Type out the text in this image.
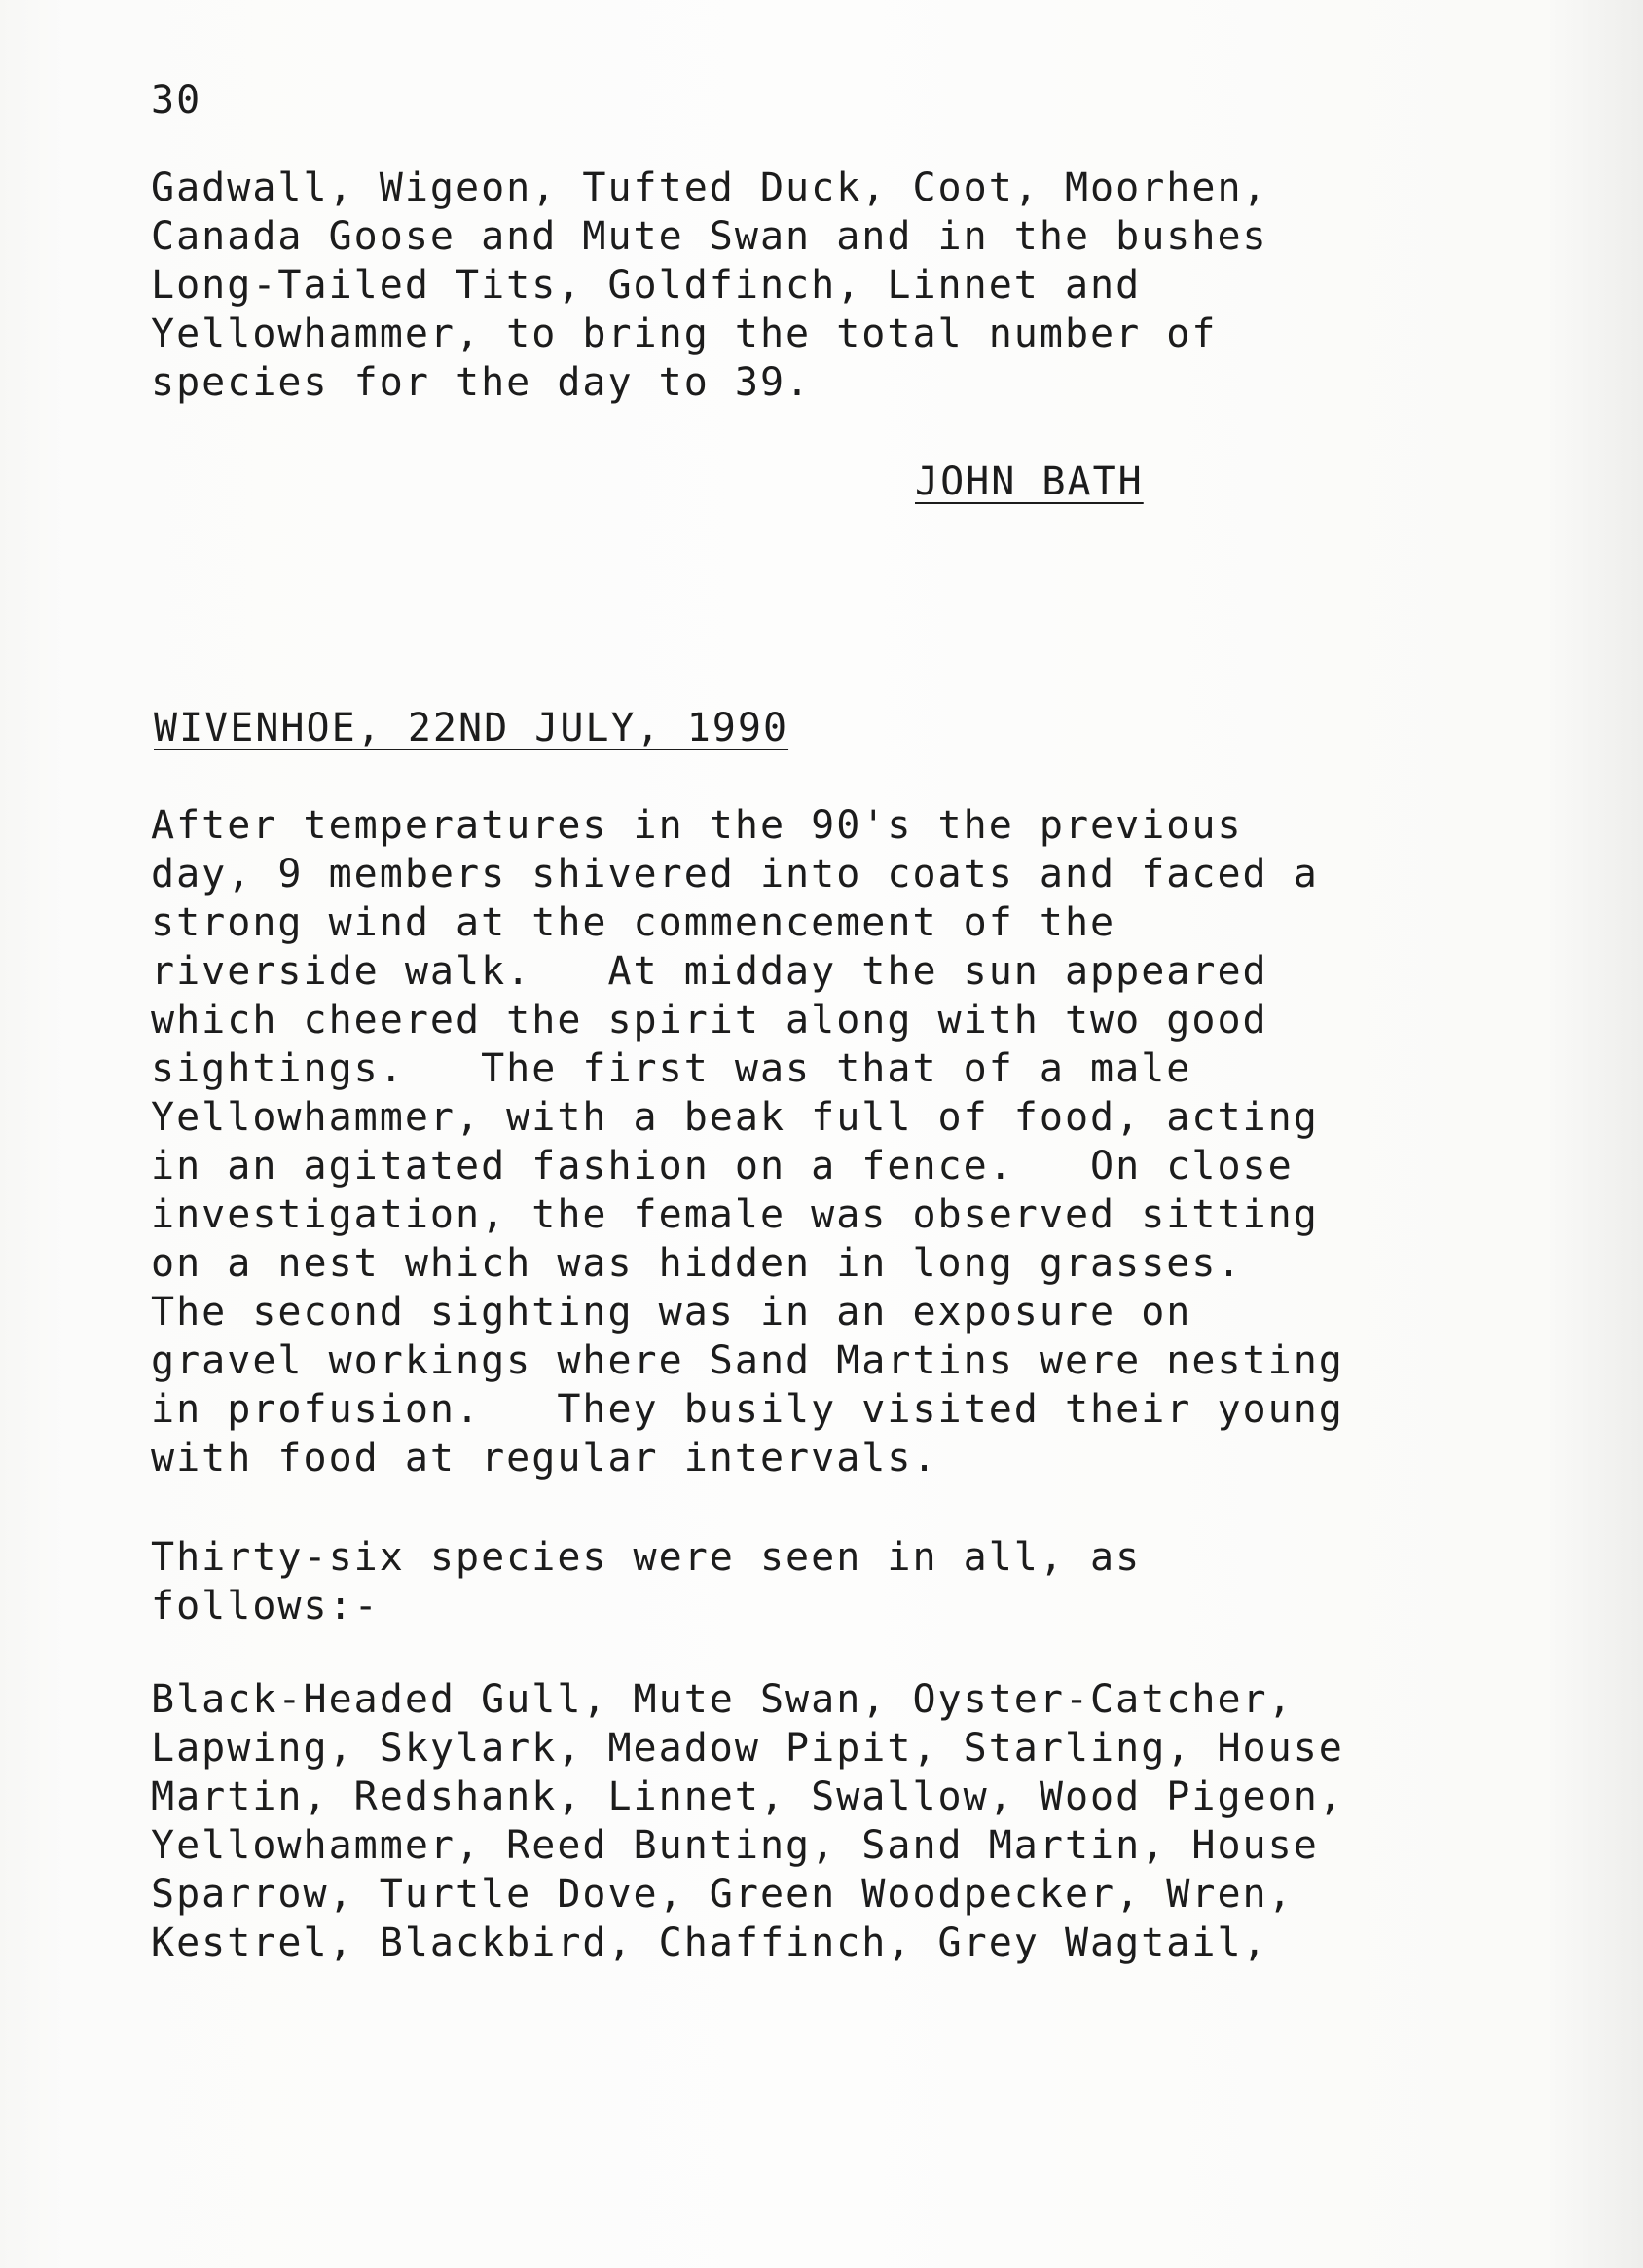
30
Gadwall, Wigeon, Tufted Duck, Coot, Moorhen,
Canada Goose and Mute Swan and in the bushes
Long-Tailed Tits, Goldfinch, Linnet and
Yellowhammer, to bring the total number of
species for the day to 39.
JOHN BATH
WIVENHOE, 22ND JULY, 1990
After temperatures in the 90's the previous
day, 9 members shivered into coats and faced a
strong wind at the commencement of the
riverside walk.   At midday the sun appeared
which cheered the spirit along with two good
sightings.   The first was that of a male
Yellowhammer, with a beak full of food, acting
in an agitated fashion on a fence.   On close
investigation, the female was observed sitting
on a nest which was hidden in long grasses.
The second sighting was in an exposure on
gravel workings where Sand Martins were nesting
in profusion.   They busily visited their young
with food at regular intervals.
Thirty-six species were seen in all, as
follows:-
Black-Headed Gull, Mute Swan, Oyster-Catcher,
Lapwing, Skylark, Meadow Pipit, Starling, House
Martin, Redshank, Linnet, Swallow, Wood Pigeon,
Yellowhammer, Reed Bunting, Sand Martin, House
Sparrow, Turtle Dove, Green Woodpecker, Wren,
Kestrel, Blackbird, Chaffinch, Grey Wagtail,
